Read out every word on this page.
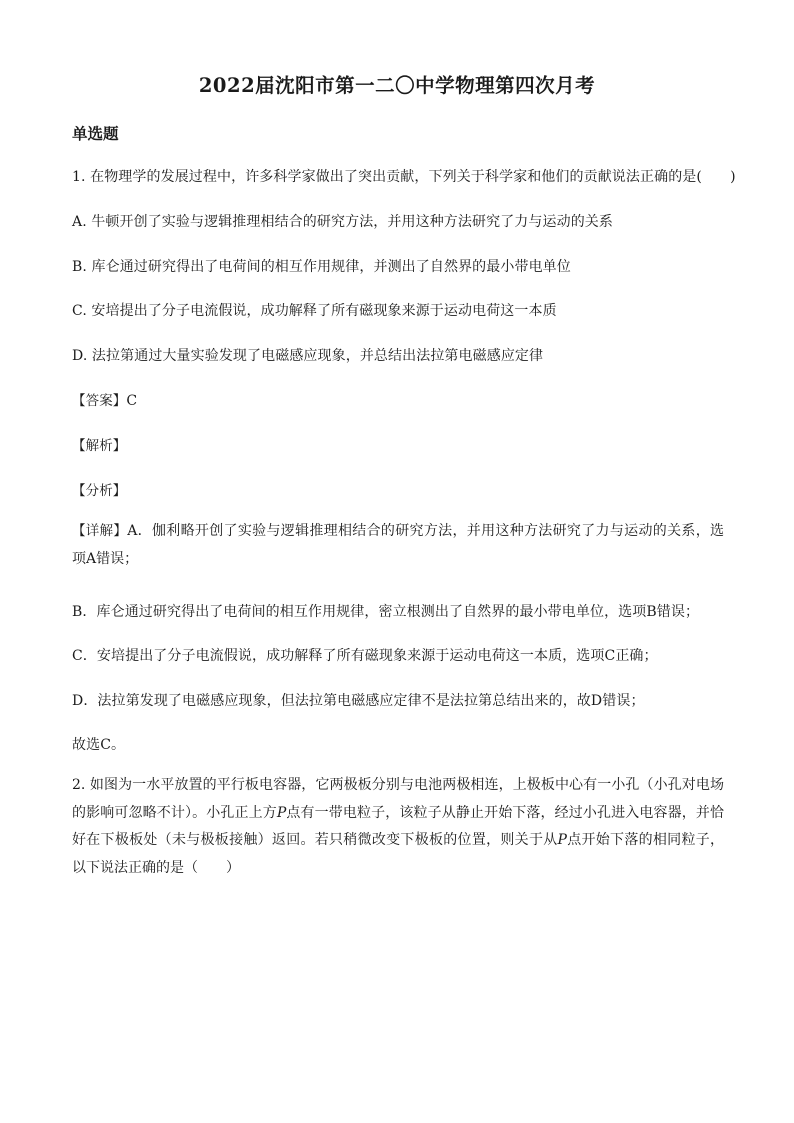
2022届沈阳市第一二〇中学物理第四次月考
单选题
1. 在物理学的发展过程中，许多科学家做出了突出贡献，下列关于科学家和他们的贡献说法正确的是(　　)
A. 牛顿开创了实验与逻辑推理相结合的研究方法，并用这种方法研究了力与运动的关系
B. 库仑通过研究得出了电荷间的相互作用规律，并测出了自然界的最小带电单位
C. 安培提出了分子电流假说，成功解释了所有磁现象来源于运动电荷这一本质
D. 法拉第通过大量实验发现了电磁感应现象，并总结出法拉第电磁感应定律
【答案】C
【解析】
【分析】
【详解】A．伽利略开创了实验与逻辑推理相结合的研究方法，并用这种方法研究了力与运动的关系，选项A错误；
B．库仑通过研究得出了电荷间的相互作用规律，密立根测出了自然界的最小带电单位，选项B错误；
C．安培提出了分子电流假说，成功解释了所有磁现象来源于运动电荷这一本质，选项C正确；
D．法拉第发现了电磁感应现象，但法拉第电磁感应定律不是法拉第总结出来的，故D错误；
故选C。
2. 如图为一水平放置的平行板电容器，它两极板分别与电池两极相连，上极板中心有一小孔（小孔对电场的影响可忽略不计）。小孔正上方P点有一带电粒子，该粒子从静止开始下落，经过小孔进入电容器，并恰好在下极板处（未与极板接触）返回。若只稍微改变下极板的位置，则关于从P点开始下落的相同粒子，以下说法正确的是（　　）
